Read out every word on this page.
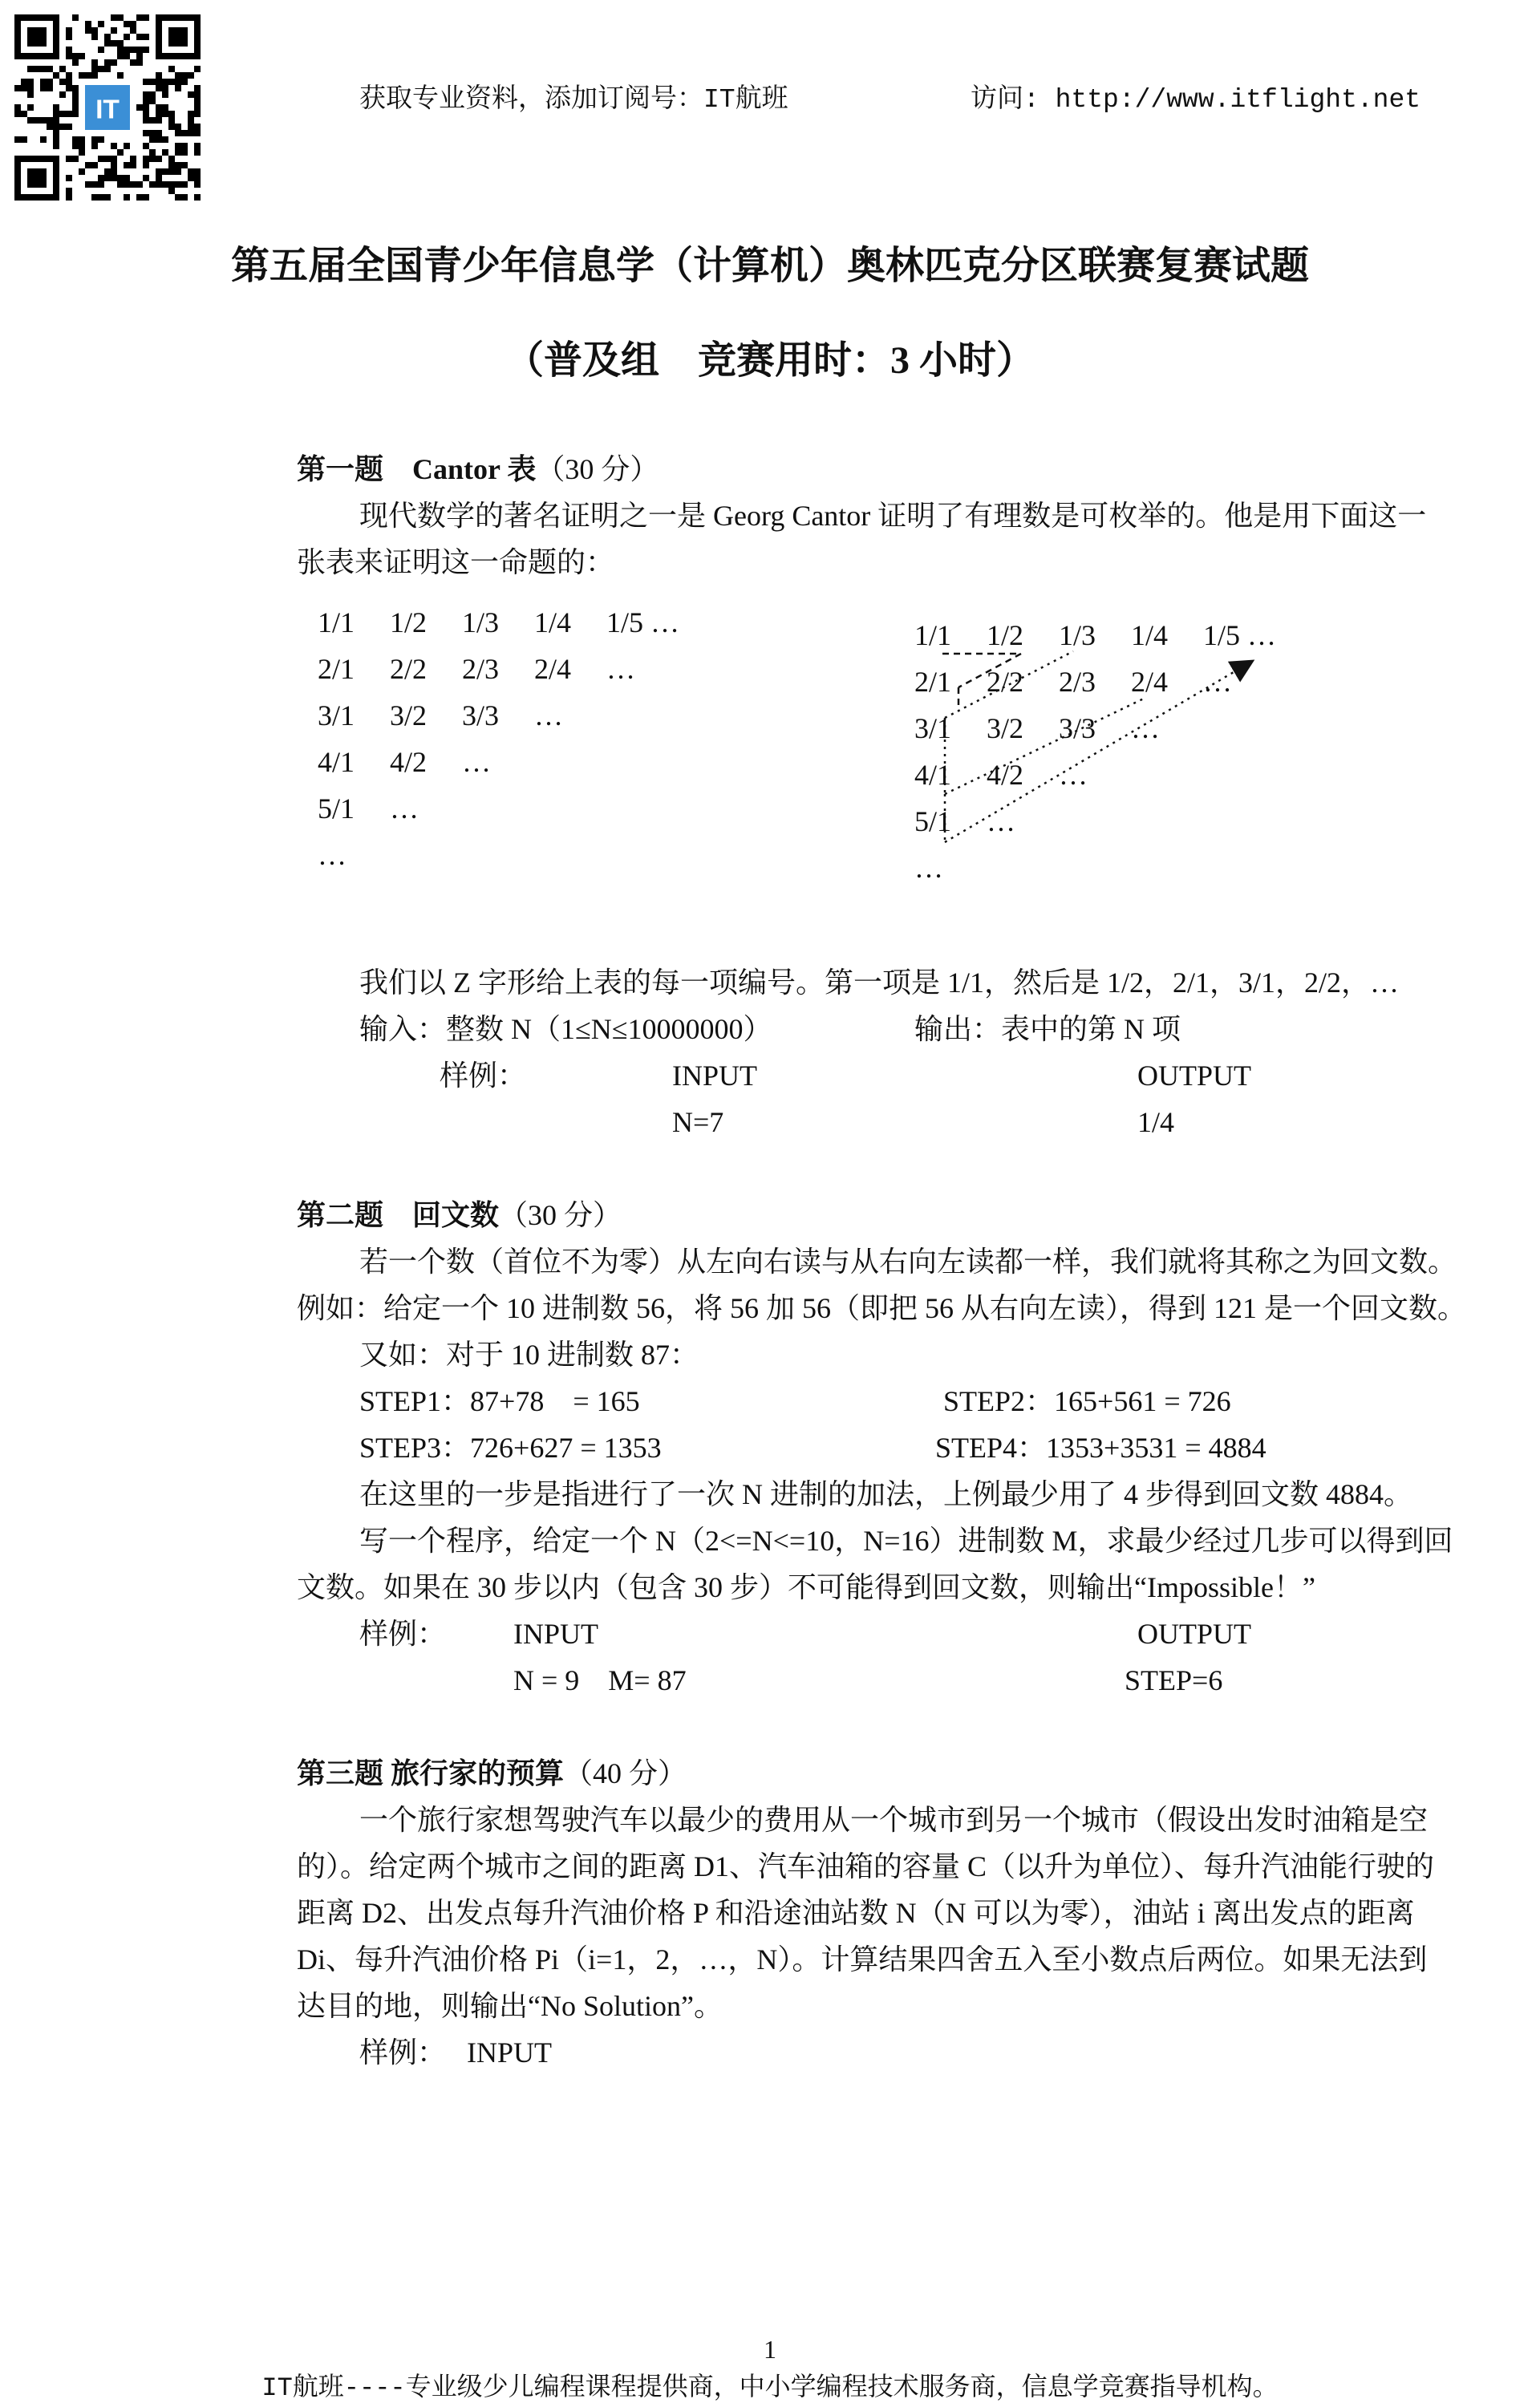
IT	获取专业资料，添加订阅号：IT航班	访问: http://www.itflight.net
第五届全国青少年信息学（计算机）奥林匹克分区联赛复赛试题
（普及组　竞赛用时：3 小时）
第一题　Cantor 表（30 分）
现代数学的著名证明之一是 Georg Cantor 证明了有理数是可枚举的。他是用下面这一
张表来证明这一命题的：
1/1 1/2 1/3 1/4 1/5 …
2/1 2/2 2/3 2/4 …
3/1 3/2 3/3 …
4/1 4/2 …
5/1 …
…
1/1 1/2 1/3 1/4 1/5 …
2/1 2/2 2/3 2/4 …
3/1 3/2 3/3 …
4/1 4/2 …
5/1 …
…
我们以 Z 字形给上表的每一项编号。第一项是 1/1，然后是 1/2，2/1，3/1，2/2，…
输入：整数 N（1≤N≤10000000）	输出：表中的第 N 项
样例：	INPUT	OUTPUT
N=7	1/4
第二题　回文数（30 分）
若一个数（首位不为零）从左向右读与从右向左读都一样，我们就将其称之为回文数。
例如：给定一个 10 进制数 56，将 56 加 56（即把 56 从右向左读），得到 121 是一个回文数。
又如：对于 10 进制数 87：
STEP1：87+78　= 165	STEP2：165+561 = 726
STEP3：726+627 = 1353	STEP4：1353+3531 = 4884
在这里的一步是指进行了一次 N 进制的加法，上例最少用了 4 步得到回文数 4884。
写一个程序，给定一个 N（2<=N<=10，N=16）进制数 M，求最少经过几步可以得到回
文数。如果在 30 步以内（包含 30 步）不可能得到回文数，则输出“Impossible！”
样例： INPUT	OUTPUT
N = 9　M= 87	STEP=6
第三题 旅行家的预算（40 分）
一个旅行家想驾驶汽车以最少的费用从一个城市到另一个城市（假设出发时油箱是空
的）。给定两个城市之间的距离 D1、汽车油箱的容量 C（以升为单位）、每升汽油能行驶的
距离 D2、出发点每升汽油价格 P 和沿途油站数 N（N 可以为零），油站 i 离出发点的距离
Di、每升汽油价格 Pi（i=1，2，…，N）。计算结果四舍五入至小数点后两位。如果无法到
达目的地，则输出“No Solution”。
样例： INPUT
1
IT航班----专业级少儿编程课程提供商，中小学编程技术服务商，信息学竞赛指导机构。
